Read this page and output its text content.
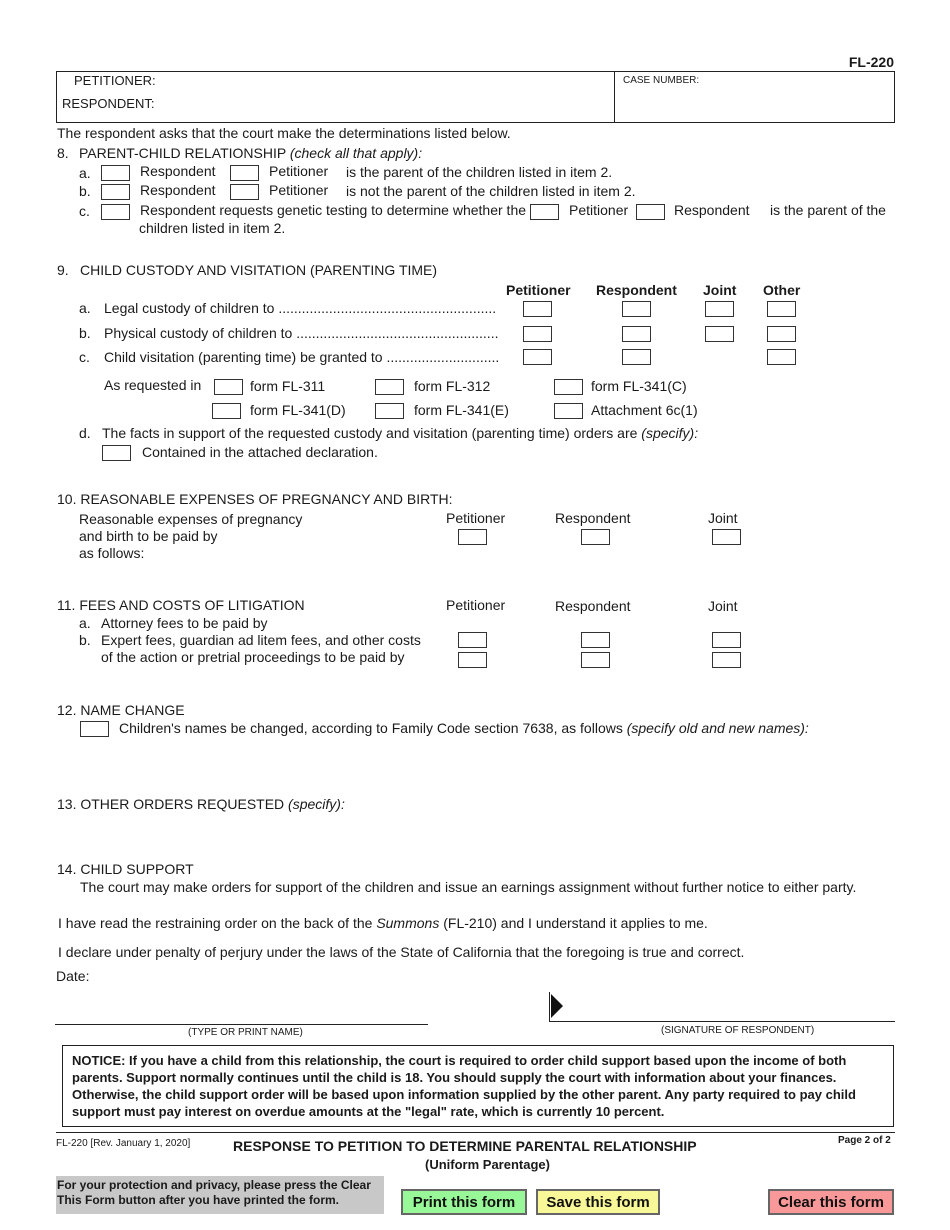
FL-220
PETITIONER:
RESPONDENT:
CASE NUMBER:
The respondent asks that the court make the determinations listed below.
8. PARENT-CHILD RELATIONSHIP (check all that apply):
a.	Respondent	Petitioner is the parent of the children listed in item 2.
b.	Respondent	Petitioner is not the parent of the children listed in item 2.
c.	Respondent requests genetic testing to determine whether the	Petitioner	Respondent is the parent of the
children listed in item 2.
9. CHILD CUSTODY AND VISITATION (PARENTING TIME)
Petitioner Respondent Joint Other
a. Legal custody of children to ........................................................
b. Physical custody of children to ....................................................
c. Child visitation (parenting time) be granted to .............................
As requested in	form FL-311	form FL-312	form FL-341(C)
form FL-341(D)	form FL-341(E)	Attachment 6c(1)
d. The facts in support of the requested custody and visitation (parenting time) orders are (specify):
Contained in the attached declaration.
10. REASONABLE EXPENSES OF PREGNANCY AND BIRTH:
Reasonable expenses of pregnancy
and birth to be paid by
as follows:
Petitioner	Respondent	Joint
11. FEES AND COSTS OF LITIGATION	Petitioner	Respondent	Joint
a. Attorney fees to be paid by
b. Expert fees, guardian ad litem fees, and other costs
of the action or pretrial proceedings to be paid by
12. NAME CHANGE
Children's names be changed, according to Family Code section 7638, as follows (specify old and new names):
13. OTHER ORDERS REQUESTED (specify):
14. CHILD SUPPORT
The court may make orders for support of the children and issue an earnings assignment without further notice to either party.
I have read the restraining order on the back of the Summons (FL-210) and I understand it applies to me.
I declare under penalty of perjury under the laws of the State of California that the foregoing is true and correct.
Date:
(TYPE OR PRINT NAME)	(SIGNATURE OF RESPONDENT)
NOTICE: If you have a child from this relationship, the court is required to order child support based upon the income of both parents. Support normally continues until the child is 18. You should supply the court with information about your finances. Otherwise, the child support order will be based upon information supplied by the other parent. Any party required to pay child support must pay interest on overdue amounts at the "legal" rate, which is currently 10 percent.
FL-220 [Rev. January 1, 2020]	RESPONSE TO PETITION TO DETERMINE PARENTAL RELATIONSHIP
(Uniform Parentage)
Page 2 of 2
For your protection and privacy, please press the Clear
This Form button after you have printed the form.	Print this form	Save this form	Clear this form
